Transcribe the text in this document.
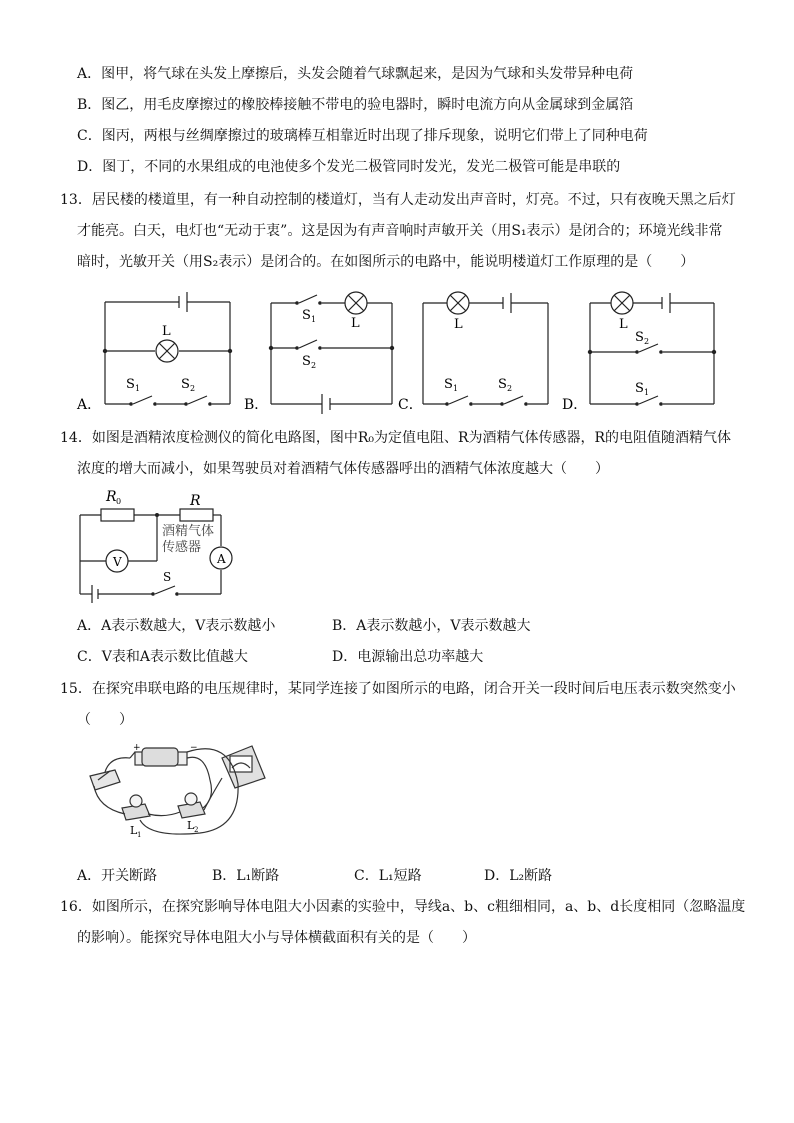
A．图甲，将气球在头发上摩擦后，头发会随着气球飘起来，是因为气球和头发带异种电荷
B．图乙，用毛皮摩擦过的橡胶棒接触不带电的验电器时，瞬时电流方向从金属球到金属箔
C．图丙，两根与丝绸摩擦过的玻璃棒互相靠近时出现了排斥现象，说明它们带上了同种电荷
D．图丁，不同的水果组成的电池使多个发光二极管同时发光，发光二极管可能是串联的
13．居民楼的楼道里，有一种自动控制的楼道灯，当有人走动发出声音时，灯亮。不过，只有夜晚天黑之后灯
才能亮。白天，电灯也“无动于衷”。这是因为有声音响时声敏开关（用S₁表示）是闭合的；环境光线非常
暗时，光敏开关（用S₂表示）是闭合的。在如图所示的电路中，能说明楼道灯工作原理的是（　　）
L
S 1	S 2
A．
S 1	L
S 2
B．
L
S 1	S 2
C．
L
S 2
S 1
D．
14．如图是酒精浓度检测仪的简化电路图，图中R₀为定值电阻、R为酒精气体传感器，R的电阻值随酒精气体
浓度的增大而减小，如果驾驶员对着酒精气体传感器呼出的酒精气体浓度越大（　　）
R 0	R
酒精气体
传感器
V	A
S
A．A表示数越大，V表示数越小	B．A表示数越小，V表示数越大
C．V表和A表示数比值越大	D．电源输出总功率越大
15．在探究串联电路的电压规律时，某同学连接了如图所示的电路，闭合开关一段时间后电压表示数突然变小
（　　）
+	−
L 1
L 2
A．开关断路	B．L₁断路	C．L₁短路	D．L₂断路
16．如图所示，在探究影响导体电阻大小因素的实验中，导线a、b、c粗细相同，a、b、d长度相同（忽略温度
的影响）。能探究导体电阻大小与导体横截面积有关的是（　　）
